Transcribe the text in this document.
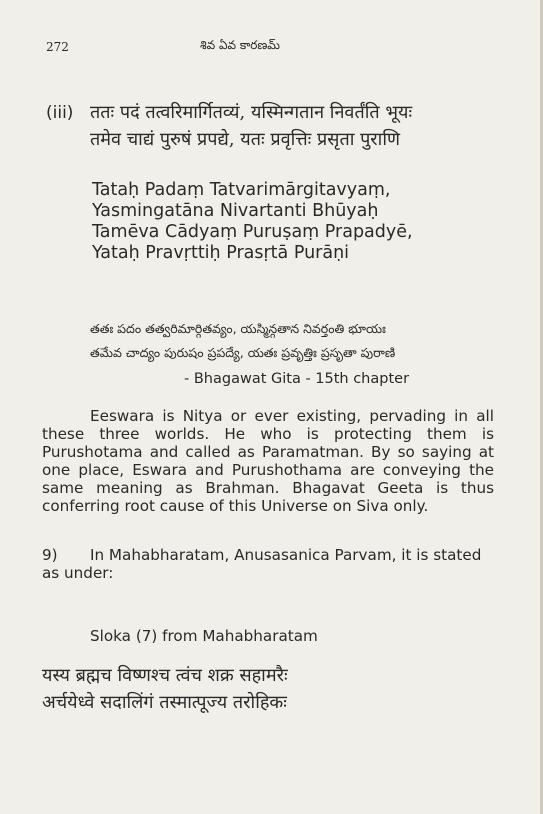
272	శివ ఏవ కారణమ్
(iii) ततः पदं तत्वरिमार्गितव्यं, यस्मिन्गतान निवर्तंति भूयः
तमेव चाद्यं पुरुषं प्रपद्ये, यतः प्रवृत्तिः प्रसृता पुराणि
Tataḥ Padaṃ Tatvarimārgitavyaṃ,
Yasmingatāna Nivartanti Bhūyaḥ
Tamēva Cādyaṃ Puruṣaṃ Prapadyē,
Yataḥ Pravṛttiḥ Prasṛtā Purāṇi
తతః పదం తత్వరిమార్గితవ్యం, యస్మిన్గతాన నివర్తంతి భూయః
తమేవ చాద్యం పురుషం ప్రపద్యే, యతః ప్రవృత్తిః ప్రసృతా పురాణి
- Bhagawat Gita - 15th chapter
Eeswara is Nitya or ever existing, pervading in all these three worlds. He who is protecting them is Purushotama and called as Paramatman. By so saying at one place, Eswara and Purushothama are conveying the same meaning as Brahman. Bhagavat Geeta is thus conferring root cause of this Universe on Siva only.
9)	In Mahabharatam, Anusasanica Parvam, it is stated as under:
Sloka (7) from Mahabharatam
यस्य ब्रह्मच विष्णश्च त्वंच शक्र सहामरैः
अर्चयेध्वे सदालिंगं तस्मात्पूज्य तरोहिकः
